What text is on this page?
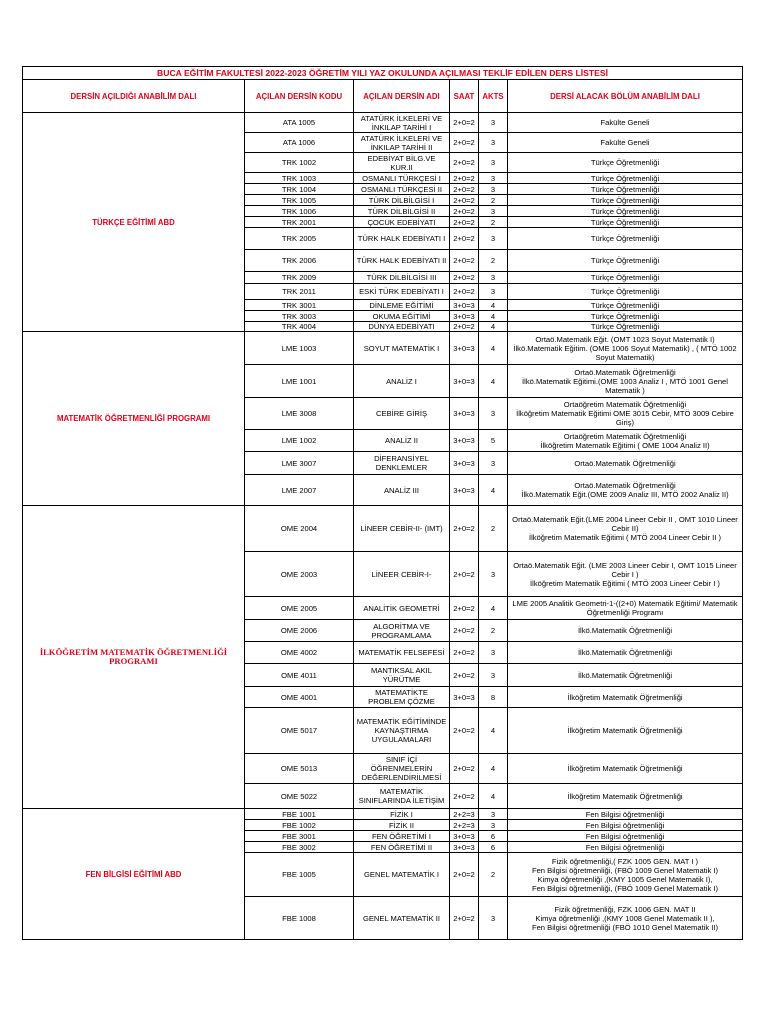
BUCA EĞİTİM FAKULTESİ 2022-2023 ÖĞRETİM YILI YAZ OKULUNDA AÇILMASI TEKLİF EDİLEN DERS LİSTESİ					
DERSİN AÇILDIĞI ANABİLİM DALI	AÇILAN DERSİN KODU	AÇILAN DERSİN ADI	SAAT	AKTS	DERSİ ALACAK BÖLÜM ANABİLİM DALI
TÜRKÇE EĞİTİMİ ABD	ATA 1005	ATATÜRK İLKELERİ VE İNKILAP TARİHİ I	2+0=2	3	Fakülte Geneli

	ATA 1006	ATATÜRK İLKELERİ VE İNKILAP TARİHİ II	2+0=2	3	Fakülte Geneli

	TRK 1002	EDEBİYAT BİLG.VE KUR.II	2+0=2	3	Türkçe Öğretmenliği

	TRK 1003	OSMANLI TÜRKÇESİ I	2+0=2	3	Türkçe Öğretmenliği

	TRK 1004	OSMANLI TÜRKÇESİ II	2+0=2	3	Türkçe Öğretmenliği

	TRK 1005	TÜRK DİLBİLGİSİ I	2+0=2	2	Türkçe Öğretmenliği

	TRK 1006	TÜRK DİLBİLGİSİ II	2+0=2	3	Türkçe Öğretmenliği

	TRK 2001	ÇOCUK EDEBİYATI	2+0=2	2	Türkçe Öğretmenliği

	TRK 2005	TÜRK HALK EDEBİYATI I	2+0=2	3	Türkçe Öğretmenliği

	TRK 2006	TÜRK HALK EDEBİYATI II	2+0=2	2	Türkçe Öğretmenliği

	TRK 2009	TÜRK DİLBİLGİSİ III	2+0=2	3	Türkçe Öğretmenliği

	TRK 2011	ESKİ TÜRK EDEBİYATI I	2+0=2	3	Türkçe Öğretmenliği

	TRK 3001	DİNLEME EĞİTİMİ	3+0=3	4	Türkçe Öğretmenliği

	TRK 3003	OKUMA EĞİTİMİ	3+0=3	4	Türkçe Öğretmenliği

	TRK 4004	DÜNYA EDEBİYATI	2+0=2	4	Türkçe Öğretmenliği

MATEMATİK ÖĞRETMENLİĞİ PROGRAMI	LME 1003	SOYUT MATEMATİK I	3+0=3	4	Ortaö.Matematik Eğit. (OMT 1023 Soyut Matematik I)
İlkö.Matematik Eğitim. (OME 1006 Soyut Matematik) , ( MTÖ 1002 Soyut Matematik)

	LME 1001	ANALİZ I	3+0=3	4	Ortaö.Matematik Öğretmenliği
İlkö.Matematik Eğitimi.(OME 1003 Analiz I , MTÖ 1001 Genel Matematik )

	LME 3008	CEBİRE GİRİŞ	3+0=3	3	Ortaöğretim Matematik Öğretmenliği
İlköğretim Matematik Eğitimi OME 3015 Cebir, MTÖ 3009 Cebire Giriş)

	LME 1002	ANALİZ II	3+0=3	5	Ortaöğretim Matematik Öğretmenliği
İlköğretim Matematik Eğitimi ( OME 1004 Analiz II)

	LME 3007	DİFERANSİYEL DENKLEMLER	3+0=3	3	Ortaö.Matematik Öğretmenliği

	LME 2007	ANALİZ III	3+0=3	4	Ortaö.Matematik Öğretmenliği
İlkö.Matematik Eğit.(OME 2009 Analiz III, MTÖ 2002 Analiz II)

İLKÖĞRETİM MATEMATİK ÖĞRETMENLİĞİ PROGRAMI	OME 2004	LİNEER CEBİR-II- (IMT)	2+0=2	2	Ortaö.Matematik Eğit.(LME 2004 Lineer Cebir II , OMT 1010 Lineer Cebir II)
İlköğretim Matematik Eğitimi ( MTÖ 2004 Lineer Cebir II )

	OME 2003	LİNEER CEBİR-I-	2+0=2	3	Ortaö.Matematik Eğit. (LME 2003 Lineer Cebir I, OMT 1015 Lineer Cebir I )
İlköğretim Matematik Eğitimi ( MTÖ 2003 Lineer Cebir I )

	OME 2005	ANALİTİK GEOMETRİ	2+0=2	4	LME 2005 Analitik Geometri-1-((2+0) Matematik Eğitimi/ Matematik Öğretmenliği Programı

	OME 2006	ALGORİTMA VE PROGRAMLAMA	2+0=2	2	İlkö.Matematik Öğretmenliği

	OME 4002	MATEMATİK FELSEFESİ	2+0=2	3	İlkö.Matematik Öğretmenliği

	OME 4011	MANTIKSAL AKIL YÜRÜTME	2+0=2	3	İlkö.Matematik Öğretmenliği

	OME 4001	MATEMATİKTE PROBLEM ÇÖZME	3+0=3	8	İlköğretim Matematik Öğretmenliği

	OME 5017	MATEMATİK EĞİTİMİNDE KAYNAŞTIRMA UYGULAMALARI	2+0=2	4	İlköğretim Matematik Öğretmenliği

	OME 5013	SINIF İÇİ ÖĞRENMELERİN DEĞERLENDİRİLMESİ	2+0=2	4	İlköğretim Matematik Öğretmenliği

	OME 5022	MATEMATİK SINIFLARINDA İLETİŞİM	2+0=2	4	İlköğretim Matematik Öğretmenliği

FEN BİLGİSİ EĞİTİMİ ABD	FBE 1001	FİZİK I	2+2=3	3	Fen Bilgisi öğretmenliği

	FBE 1002	FİZİK II	2+2=3	3	Fen Bilgisi öğretmenliği

	FBE 3001	FEN ÖĞRETİMİ I	3+0=3	6	Fen Bilgisi öğretmenliği

	FBE 3002	FEN ÖĞRETİMİ II	3+0=3	6	Fen Bilgisi öğretmenliği

	FBE 1005	GENEL MATEMATİK I	2+0=2	2	Fizik öğretmenliği,( FZK 1005 GEN. MAT I )
Fen Bilgisi öğretmenliği, (FBÖ 1009 Genel Matematik I)
Kimya öğretmenliği ,(KMY 1005 Genel Matematik I),
Fen Bilgisi öğretmenliği, (FBÖ 1009 Genel Matematik I)

	FBE 1008	GENEL MATEMATİK II	2+0=2	3	Fizik öğretmenliği, FZK 1006 GEN. MAT II
Kimya öğretmenliği ,(KMY 1008 Genel Matematik II ),
Fen Bilgisi öğretmenliği (FBÖ 1010 Genel Matematik II)
